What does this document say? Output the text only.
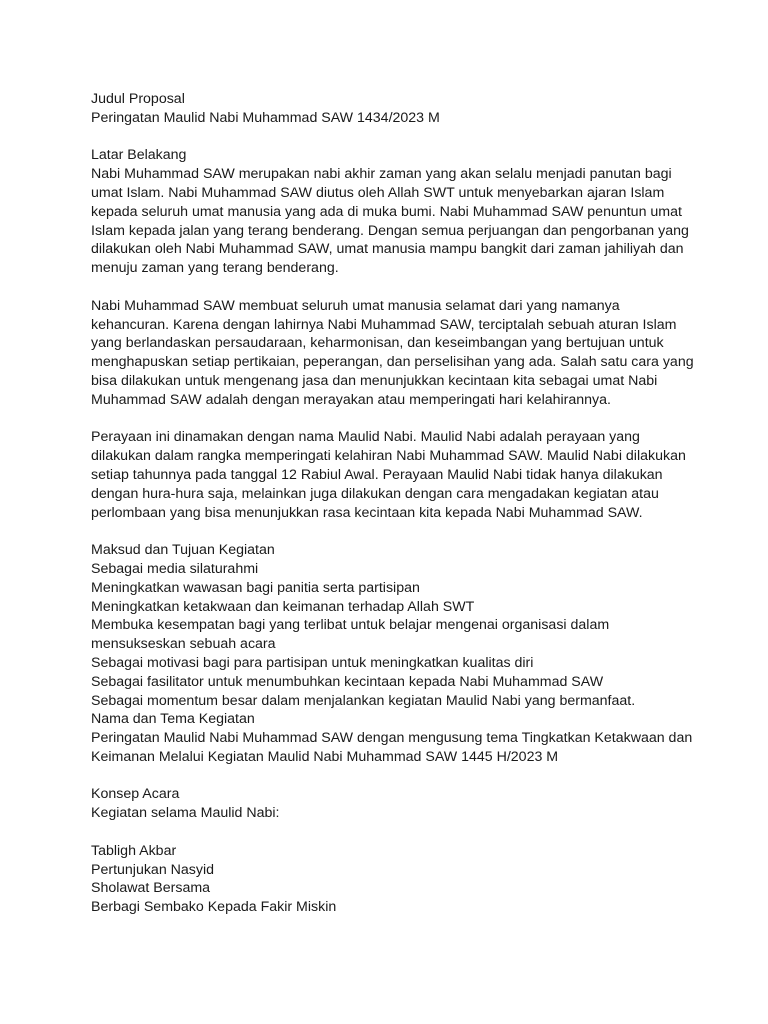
Judul Proposal
Peringatan Maulid Nabi Muhammad SAW 1434/2023 M
Latar Belakang
Nabi Muhammad SAW merupakan nabi akhir zaman yang akan selalu menjadi panutan bagi
umat Islam. Nabi Muhammad SAW diutus oleh Allah SWT untuk menyebarkan ajaran Islam
kepada seluruh umat manusia yang ada di muka bumi. Nabi Muhammad SAW penuntun umat
Islam kepada jalan yang terang benderang. Dengan semua perjuangan dan pengorbanan yang
dilakukan oleh Nabi Muhammad SAW, umat manusia mampu bangkit dari zaman jahiliyah dan
menuju zaman yang terang benderang.
Nabi Muhammad SAW membuat seluruh umat manusia selamat dari yang namanya
kehancuran. Karena dengan lahirnya Nabi Muhammad SAW, terciptalah sebuah aturan Islam
yang berlandaskan persaudaraan, keharmonisan, dan keseimbangan yang bertujuan untuk
menghapuskan setiap pertikaian, peperangan, dan perselisihan yang ada. Salah satu cara yang
bisa dilakukan untuk mengenang jasa dan menunjukkan kecintaan kita sebagai umat Nabi
Muhammad SAW adalah dengan merayakan atau memperingati hari kelahirannya.
Perayaan ini dinamakan dengan nama Maulid Nabi. Maulid Nabi adalah perayaan yang
dilakukan dalam rangka memperingati kelahiran Nabi Muhammad SAW. Maulid Nabi dilakukan
setiap tahunnya pada tanggal 12 Rabiul Awal. Perayaan Maulid Nabi tidak hanya dilakukan
dengan hura-hura saja, melainkan juga dilakukan dengan cara mengadakan kegiatan atau
perlombaan yang bisa menunjukkan rasa kecintaan kita kepada Nabi Muhammad SAW.
Maksud dan Tujuan Kegiatan
Sebagai media silaturahmi
Meningkatkan wawasan bagi panitia serta partisipan
Meningkatkan ketakwaan dan keimanan terhadap Allah SWT
Membuka kesempatan bagi yang terlibat untuk belajar mengenai organisasi dalam
mensukseskan sebuah acara
Sebagai motivasi bagi para partisipan untuk meningkatkan kualitas diri
Sebagai fasilitator untuk menumbuhkan kecintaan kepada Nabi Muhammad SAW
Sebagai momentum besar dalam menjalankan kegiatan Maulid Nabi yang bermanfaat.
Nama dan Tema Kegiatan
Peringatan Maulid Nabi Muhammad SAW dengan mengusung tema Tingkatkan Ketakwaan dan
Keimanan Melalui Kegiatan Maulid Nabi Muhammad SAW 1445 H/2023 M
Konsep Acara
Kegiatan selama Maulid Nabi:
Tabligh Akbar
Pertunjukan Nasyid
Sholawat Bersama
Berbagi Sembako Kepada Fakir Miskin
